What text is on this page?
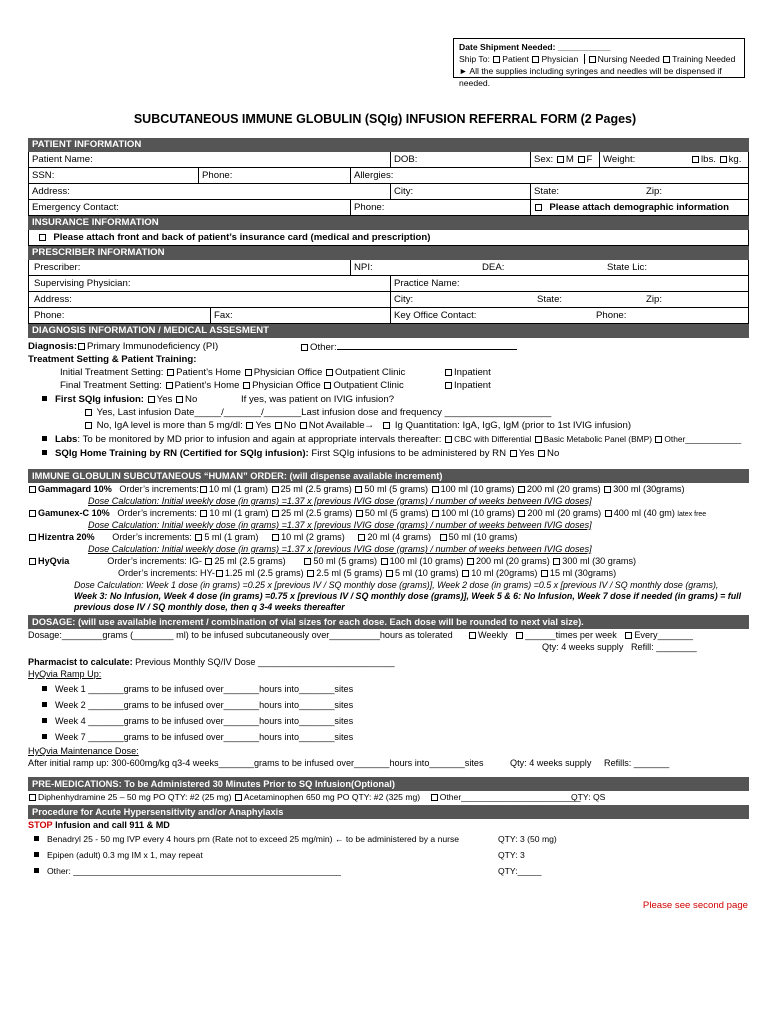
Date Shipment Needed: ___________
Ship To: Patient Physician Nursing Needed Training Needed
► All the supplies including syringes and needles will be dispensed if needed.
SUBCUTANEOUS IMMUNE GLOBULIN (SQIg) INFUSION REFERRAL FORM (2 Pages)
PATIENT INFORMATION
Patient Name:	DOB:	Sex: M F	Weight:	lbs. kg.
SSN:	Phone:	Allergies:
Address:	City:	State:	Zip:
Emergency Contact:	Phone:	Please attach demographic information
INSURANCE INFORMATION
Please attach front and back of patient’s insurance card (medical and prescription)
PRESCRIBER INFORMATION
Prescriber:	NPI:	DEA:	State Lic:
Supervising Physician:	Practice Name:
Address:	City:	State:	Zip:
Phone:	Fax:	Key Office Contact:	Phone:
DIAGNOSIS INFORMATION / MEDICAL ASSESMENT
Diagnosis: Primary Immunodeficiency (PI)	Other:
Treatment Setting & Patient Training:
Initial Treatment Setting: Patient’s Home Physician Office Outpatient Clinic	Inpatient
Final Treatment Setting: Patient’s Home Physician Office Outpatient Clinic	Inpatient
First SQIg infusion: Yes No	If yes, was patient on IVIG infusion?
Yes, Last infusion Date_____/_______/_______Last infusion dose and frequency ____________________
No, IgA level is more than 5 mg/dl: Yes No Not Available→    Ig Quantitation: IgA, IgG, IgM (prior to 1st IVIG infusion)
Labs: To be monitored by MD prior to infusion and again at appropriate intervals thereafter: CBC with Differential Basic Metabolic Panel (BMP) Other____________
SQIg Home Training by RN (Certified for SQIg infusion): First SQIg infusions to be administered by RN Yes No
IMMUNE GLOBULIN SUBCUTANEOUS “HUMAN” ORDER: (will dispense available increment)
Gammagard 10% Order’s increments: 10 ml (1 gram) 25 ml (2.5 grams) 50 ml (5 grams) 100 ml (10 grams) 200 ml (20 grams) 300 ml (30grams)
Dose Calculation: Initial weekly dose (in grams) =1.37 x [previous IVIG dose (grams) / number of weeks between IVIG doses]
Gamunex-C 10% Order’s increments: 10 ml (1 gram) 25 ml (2.5 grams) 50 ml (5 grams) 100 ml (10 grams) 200 ml (20 grams) 400 ml (40 gm) latex free
Dose Calculation: Initial weekly dose (in grams) =1.37 x [previous IVIG dose (grams) / number of weeks between IVIG doses]
Hizentra 20% Order’s increments: 5 ml (1 gram) 10 ml (2 grams) 20 ml (4 grams) 50 ml (10 grams)
Dose Calculation: Initial weekly dose (in grams) =1.37 x [previous IVIG dose (grams) / number of weeks between IVIG doses]
HyQvia	Order’s increments: IG- 25 ml (2.5 grams)	50 ml (5 grams) 100 ml (10 grams) 200 ml (20 grams) 300 ml (30 grams)
Order’s increments: HY- 1.25 ml (2.5 grams) 2.5 ml (5 grams) 5 ml (10 grams) 10 ml (20grams) 15 ml (30grams)
Dose Calculation: Week 1 dose (in grams) =0.25 x [previous IV / SQ monthly dose (grams)], Week 2 dose (in grams) =0.5 x [previous IV / SQ monthly dose (grams),
Week 3: No Infusion, Week 4 dose (in grams) =0.75 x [previous IV / SQ monthly dose (grams)], Week 5 & 6: No Infusion, Week 7 dose if needed (in grams) = full
previous dose IV / SQ monthly dose, then q 3-4 weeks thereafter
DOSAGE: (will use available increment / combination of vial sizes for each dose. Each dose will be rounded to next vial size).
Dosage:________grams (________ ml) to be infused subcutaneously over__________hours as tolerated	Weekly ______times per week Every_______
Qty: 4 weeks supply Refill: ________
Pharmacist to calculate: Previous Monthly SQ/IV Dose ___________________________
HyQvia Ramp Up:
Week 1 _______grams to be infused over_______hours into_______sites
Week 2 _______grams to be infused over_______hours into_______sites
Week 4 _______grams to be infused over_______hours into_______sites
Week 7 _______grams to be infused over_______hours into_______sites
HyQvia Maintenance Dose:
After initial ramp up: 300-600mg/kg q3-4 weeks_______grams to be infused over_______hours into_______sites	Qty: 4 weeks supply Refills: _______
PRE-MEDICATIONS: To be Administered 30 Minutes Prior to SQ Infusion(Optional)
Diphenhydramine 25 – 50 mg PO QTY: #2 (25 mg) Acetaminophen 650 mg PO QTY: #2 (325 mg) Other_________________________
QTY: QS
Procedure for Acute Hypersensitivity and/or Anaphylaxis
STOP Infusion and call 911 & MD
Benadryl 25 - 50 mg IVP every 4 hours prn (Rate not to exceed 25 mg/min) ← to be administered by a nurse	QTY: 3 (50 mg)
Epipen (adult) 0.3 mg IM x 1, may repeat	QTY: 3
Other: ________________________________________________________	QTY:_____
Please see second page
